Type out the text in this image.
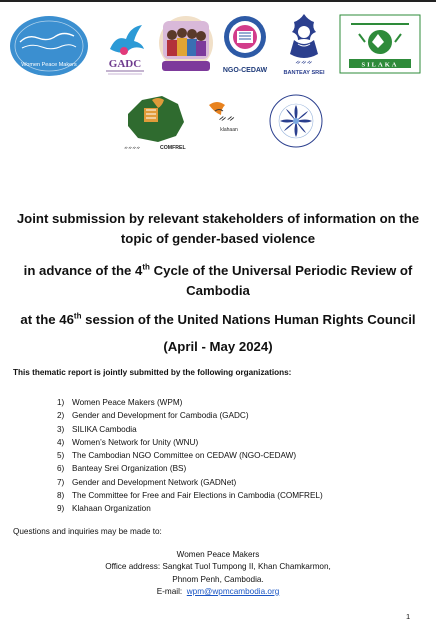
Women Peace Makers	GADC
NGO-CEDAW
ᨀᨀᨀ
BANTEAY SREI
SILAKA
ᨀᨀᨀᨀ	COMFREL
ᨀᨀ
klahaan
Joint submission by relevant stakeholders of information on the
topic of gender-based violence
in advance of the 4th Cycle of the Universal Periodic Review of
Cambodia
at the 46th session of the United Nations Human Rights Council
(April - May 2024)
This thematic report is jointly submitted by the following organizations:
1) Women Peace Makers (WPM)
2) Gender and Development for Cambodia (GADC)
3) SILIKA Cambodia
4) Women’s Network for Unity (WNU)
5) The Cambodian NGO Committee on CEDAW (NGO-CEDAW)
6) Banteay Srei Organization (BS)
7) Gender and Development Network (GADNet)
8) The Committee for Free and Fair Elections in Cambodia (COMFREL)
9) Klahaan Organization
Questions and inquiries may be made to:
Women Peace Makers
Office address: Sangkat Tuol Tumpong II, Khan Chamkarmon,
Phnom Penh, Cambodia.
E-mail: wpm@wpmcambodia.org
1
